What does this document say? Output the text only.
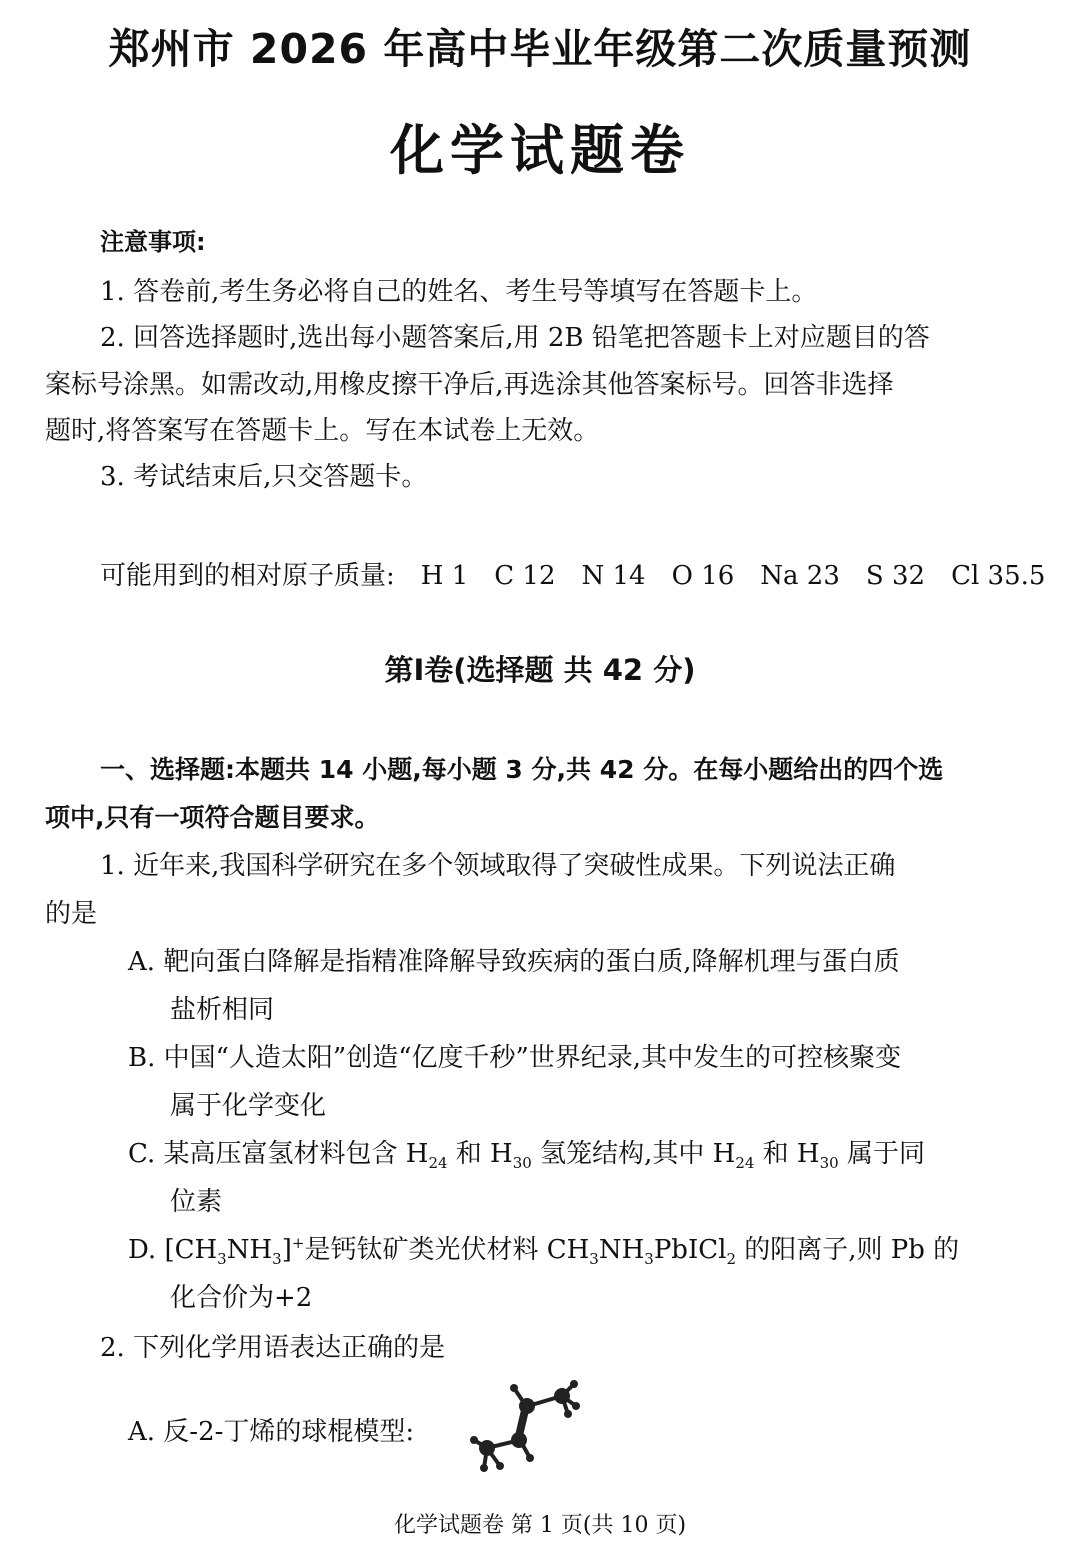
郑州市 2026 年高中毕业年级第二次质量预测
化学试题卷
注意事项:
1. 答卷前,考生务必将自己的姓名、考生号等填写在答题卡上。
2. 回答选择题时,选出每小题答案后,用 2B 铅笔把答题卡上对应题目的答
案标号涂黑。如需改动,用橡皮擦干净后,再选涂其他答案标号。回答非选择
题时,将答案写在答题卡上。写在本试卷上无效。
3. 考试结束后,只交答题卡。
可能用到的相对原子质量: H 1 C 12 N 14 O 16 Na 23 S 32 Cl 35.5
第Ⅰ卷(选择题 共 42 分)
一、选择题:本题共 14 小题,每小题 3 分,共 42 分。在每小题给出的四个选
项中,只有一项符合题目要求。
1. 近年来,我国科学研究在多个领域取得了突破性成果。下列说法正确
的是
A. 靶向蛋白降解是指精准降解导致疾病的蛋白质,降解机理与蛋白质
盐析相同
B. 中国“人造太阳”创造“亿度千秒”世界纪录,其中发生的可控核聚变
属于化学变化
C. 某高压富氢材料包含 $H_{24}$ 和 $H_{30}$ 氢笼结构,其中 $H_{24}$ 和 $H_{30}$ 属于同
位素
D. $[CH_3NH_3]^+$是钙钛矿类光伏材料 $CH_3NH_3PbICl_2$ 的阳离子,则 Pb 的
化合价为+2
2. 下列化学用语表达正确的是
A. 反-2-丁烯的球棍模型:
化学试题卷 第 1 页(共 10 页)
